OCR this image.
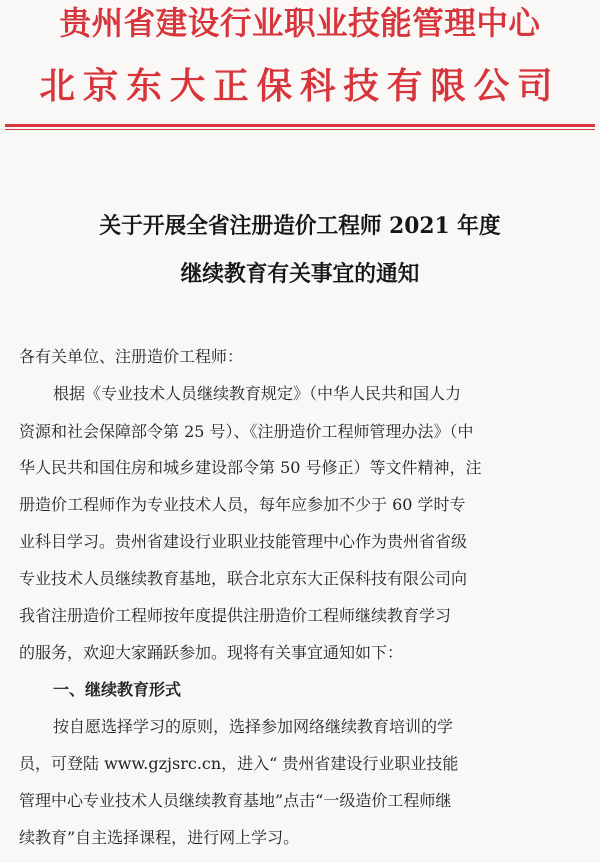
贵州省建设行业职业技能管理中心
北京东大正保科技有限公司
关于开展全省注册造价工程师 2021 年度
继续教育有关事宜的通知
各有关单位、注册造价工程师：
根据《专业技术人员继续教育规定》（中华人民共和国人力
资源和社会保障部令第 25 号）、《注册造价工程师管理办法》（中
华人民共和国住房和城乡建设部令第 50 号修正）等文件精神，注
册造价工程师作为专业技术人员，每年应参加不少于 60 学时专
业科目学习。贵州省建设行业职业技能管理中心作为贵州省省级
专业技术人员继续教育基地，联合北京东大正保科技有限公司向
我省注册造价工程师按年度提供注册造价工程师继续教育学习
的服务，欢迎大家踊跃参加。现将有关事宜通知如下：
一、继续教育形式
按自愿选择学习的原则，选择参加网络继续教育培训的学
员，可登陆 www.gzjsrc.cn，进入“ 贵州省建设行业职业技能
管理中心专业技术人员继续教育基地”点击“一级造价工程师继
续教育”自主选择课程，进行网上学习。
